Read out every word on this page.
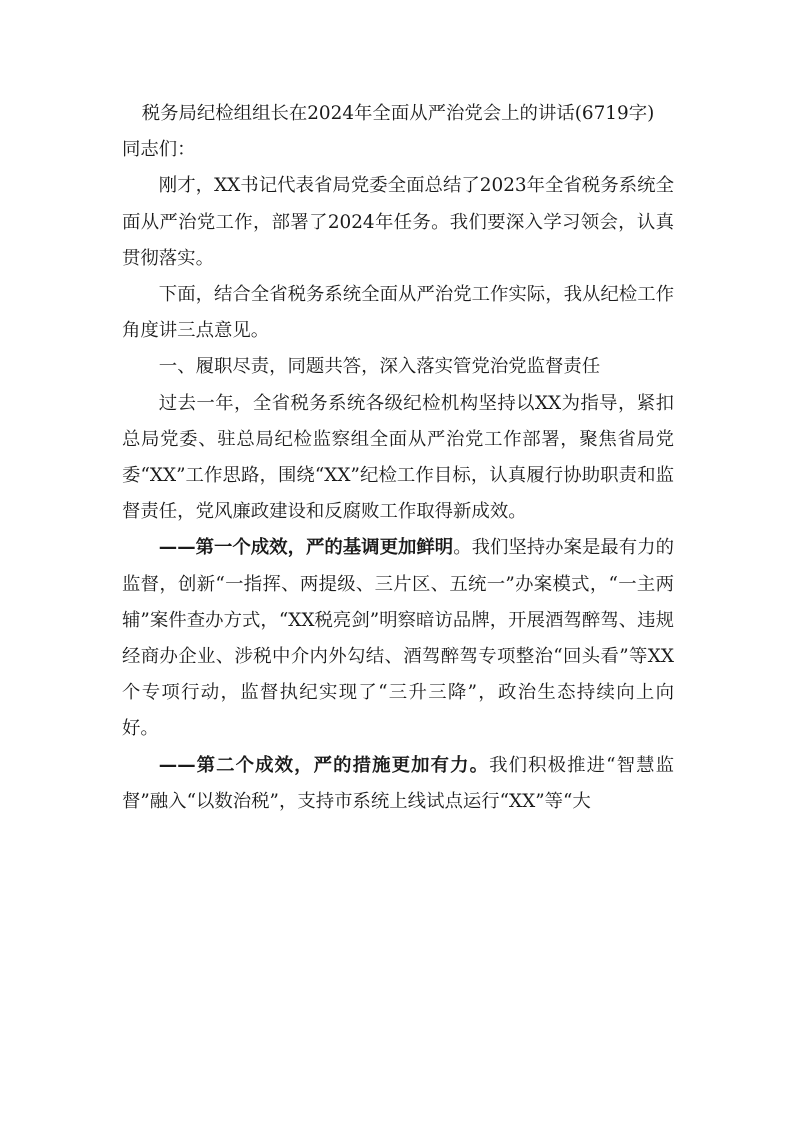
税务局纪检组组长在2024年全面从严治党会上的讲话(6719字)

同志们：

刚才，XX书记代表省局党委全面总结了2023年全省税务系统全面从严治党工作，部署了2024年任务。我们要深入学习领会，认真贯彻落实。

下面，结合全省税务系统全面从严治党工作实际，我从纪检工作角度讲三点意见。

一、履职尽责，同题共答，深入落实管党治党监督责任

过去一年，全省税务系统各级纪检机构坚持以XX为指导，紧扣总局党委、驻总局纪检监察组全面从严治党工作部署，聚焦省局党委“XX”工作思路，围绕“XX”纪检工作目标，认真履行协助职责和监督责任，党风廉政建设和反腐败工作取得新成效。

——第一个成效，严的基调更加鲜明。我们坚持办案是最有力的监督，创新“一指挥、两提级、三片区、五统一”办案模式，“一主两辅”案件查办方式，“XX税亮剑”明察暗访品牌，开展酒驾醉驾、违规经商办企业、涉税中介内外勾结、酒驾醉驾专项整治“回头看”等XX个专项行动，监督执纪实现了“三升三降”，政治生态持续向上向好。

——第二个成效，严的措施更加有力。我们积极推进“智慧监督”融入“以数治税”，支持市系统上线试点运行“XX”等“大
